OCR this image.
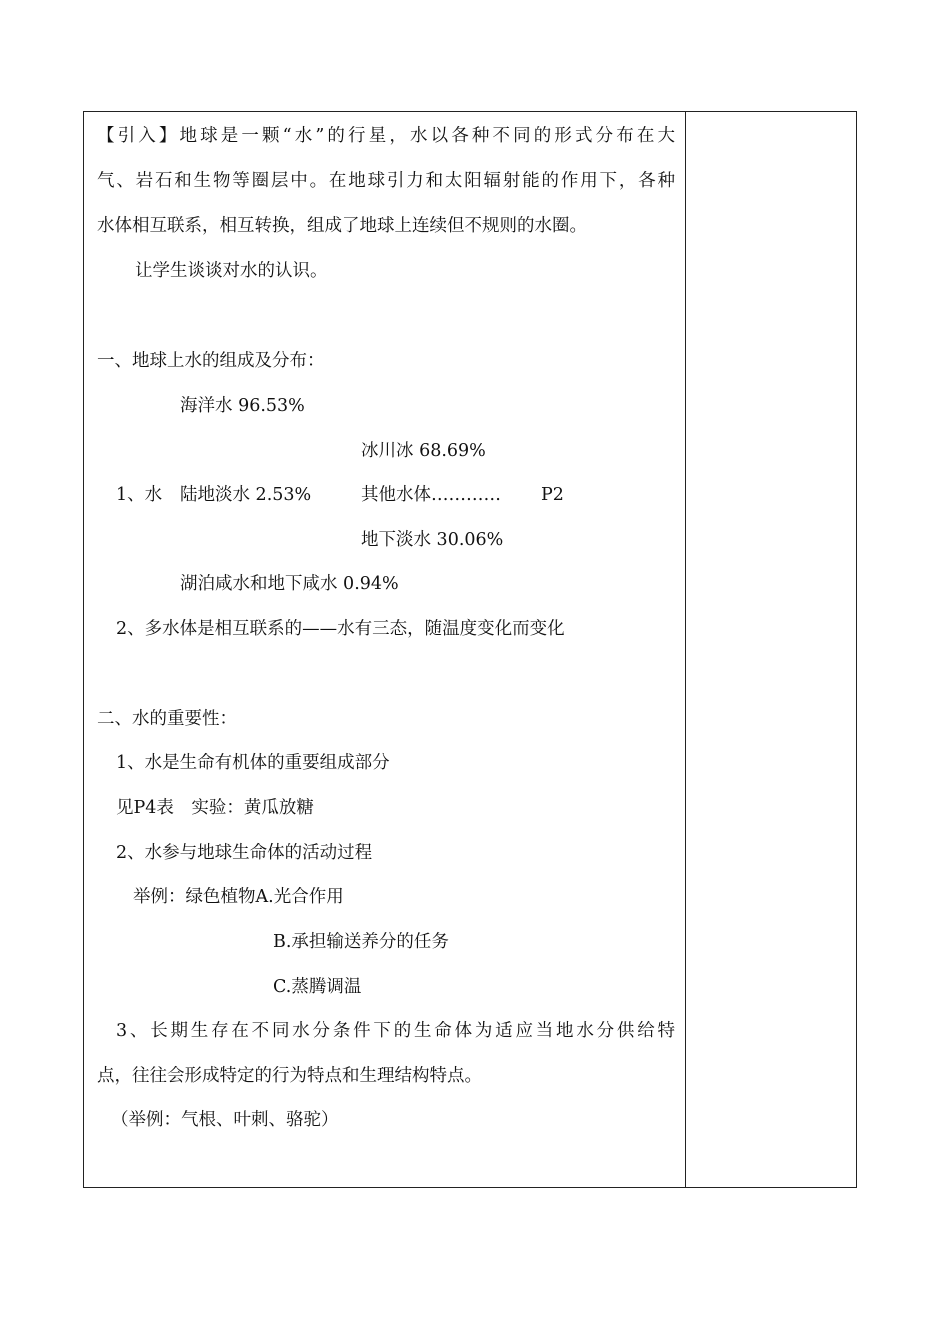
【引入】地球是一颗“水”的行星，水以各种不同的形式分布在大
气、岩石和生物等圈层中。在地球引力和太阳辐射能的作用下，各种
水体相互联系，相互转换，组成了地球上连续但不规则的水圈。
让学生谈谈对水的认识。
一、地球上水的组成及分布：
海洋水 96.53%
冰川冰 68.69%
1、水 陆地淡水 2.53%	其他水体………… P2
地下淡水 30.06%
湖泊咸水和地下咸水 0.94%
2、多水体是相互联系的——水有三态，随温度变化而变化
二、水的重要性：
1、水是生命有机体的重要组成部分
见P4表　实验：黄瓜放糖
2、水参与地球生命体的活动过程
举例：绿色植物A.光合作用
B.承担输送养分的任务
C.蒸腾调温
3、长期生存在不同水分条件下的生命体为适应当地水分供给特
点，往往会形成特定的行为特点和生理结构特点。
（举例：气根、叶刺、骆驼）
